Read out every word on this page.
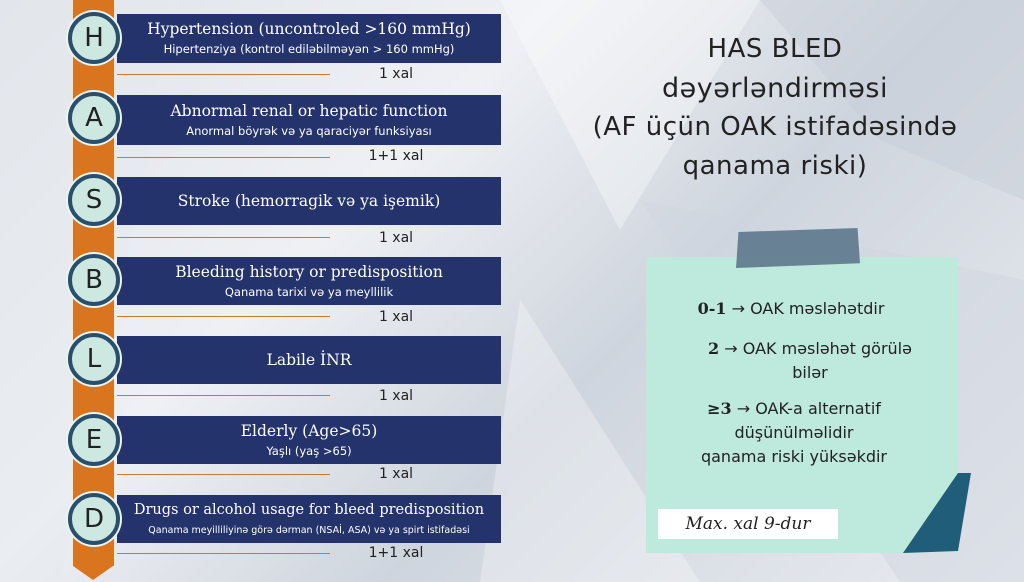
HAS BLED
dəyərləndirməsi
(AF üçün OAK istifadəsində
qanama riski)
Hypertension (uncontroled >160 mmHg)
Hipertenziya (kontrol ediləbilməyən > 160 mmHg)
1 xal
H
Abnormal renal or hepatic function
Anormal böyrək və ya qaraciyər funksiyası
1+1 xal
A
Stroke (hemorragik və ya işemik)
1 xal
S
Bleeding history or predisposition
Qanama tarixi və ya meyllilik
1 xal
B
Labile İNR
1 xal
L
Elderly (Age>65)
Yaşlı (yaş >65)
1 xal
E
Drugs or alcohol usage for bleed predisposition
Qanama meyilliliyinə görə dərman (NSAİ, ASA) və ya spirt istifadəsi
1+1 xal
D
0-1 → OAK məsləhətdir
2 → OAK məsləhət görülə
bilər
≥3 → OAK-a alternatif
düşünülməlidir
qanama riski yüksəkdir
Max. xal 9-dur
